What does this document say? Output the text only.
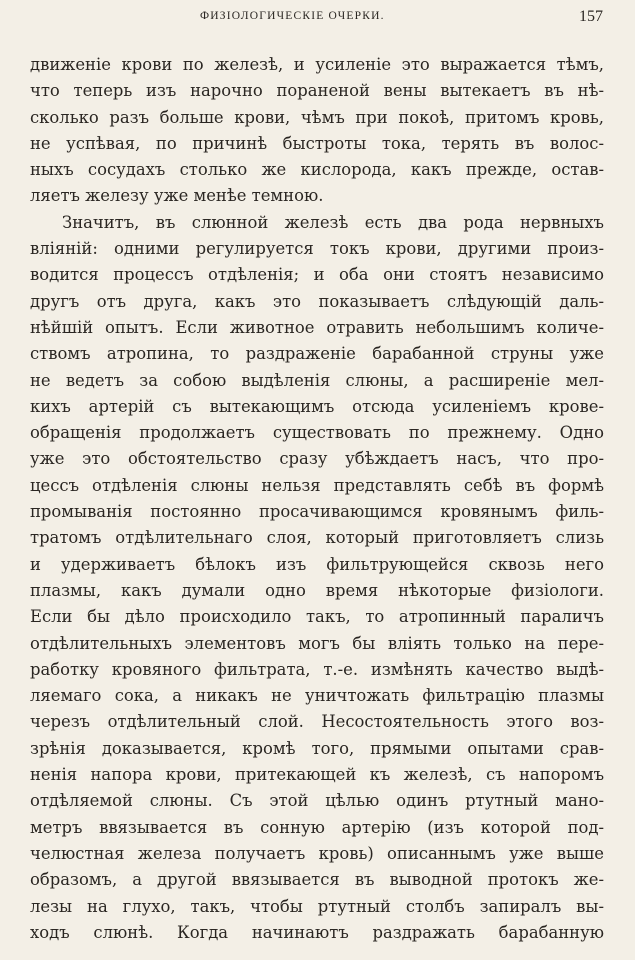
ФИЗІОЛОГИЧЕСКІЕ ОЧЕРКИ.	157
движеніе крови по железѣ, и усиленіе это выражается тѣмъ,
что теперь изъ нарочно пораненой вены вытекаетъ въ нѣ-
сколько разъ больше крови, чѣмъ при покоѣ, притомъ кровь,
не успѣвая, по причинѣ быстроты тока, терять въ волос-
ныхъ сосудахъ столько же кислорода, какъ прежде, остав-
ляетъ железу уже менѣе темною.
Значитъ, въ слюнной железѣ есть два рода нервныхъ
вліяній: одними регулируется токъ крови, другими произ-
водится процессъ отдѣленія; и оба они стоятъ независимо
другъ отъ друга, какъ это показываетъ слѣдующій даль-
нѣйшій опытъ. Если животное отравить небольшимъ количе-
ствомъ атропина, то раздраженіе барабанной струны уже
не ведетъ за собою выдѣленія слюны, а расширеніе мел-
кихъ артерій съ вытекающимъ отсюда усиленіемъ крове-
обращенія продолжаетъ существовать по прежнему. Одно
уже это обстоятельство сразу убѣждаетъ насъ, что про-
цессъ отдѣленія слюны нельзя представлять себѣ въ формѣ
промыванія постоянно просачивающимся кровянымъ филь-
тратомъ отдѣлительнаго слоя, который приготовляетъ слизь
и удерживаетъ бѣлокъ изъ фильтрующейся сквозь него
плазмы, какъ думали одно время нѣкоторые физіологи.
Если бы дѣло происходило такъ, то атропинный параличъ
отдѣлительныхъ элементовъ могъ бы вліять только на пере-
работку кровяного фильтрата, т.-е. измѣнять качество выдѣ-
ляемаго сока, а никакъ не уничтожать фильтрацію плазмы
черезъ отдѣлительный слой. Несостоятельность этого воз-
зрѣнія доказывается, кромѣ того, прямыми опытами срав-
ненія напора крови, притекающей къ железѣ, съ напоромъ
отдѣляемой слюны. Съ этой цѣлью одинъ ртутный мано-
метръ ввязывается въ сонную артерію (изъ которой под-
челюстная железа получаетъ кровь) описаннымъ уже выше
образомъ, а другой ввязывается въ выводной протокъ же-
лезы на глухо, такъ, чтобы ртутный столбъ запиралъ вы-
ходъ слюнѣ. Когда начинаютъ раздражать барабанную
